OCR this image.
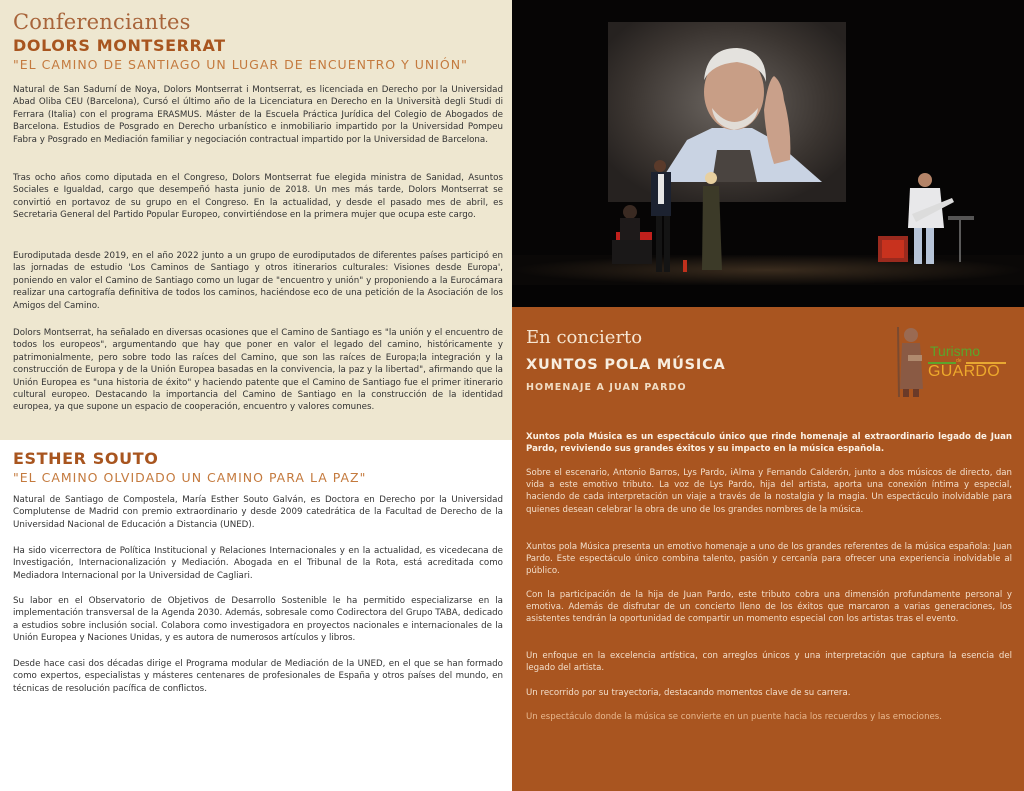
Conferenciantes
DOLORS MONTSERRAT
"EL CAMINO DE SANTIAGO UN LUGAR DE ENCUENTRO Y UNIÓN"
Natural de San Sadurní de Noya, Dolors Montserrat i Montserrat, es licenciada en Derecho por la Universidad Abad Oliba CEU (Barcelona), Cursó el último año de la Licenciatura en Derecho en la Università degli Studi di Ferrara (Italia) con el programa ERASMUS. Máster de la Escuela Práctica Jurídica del Colegio de Abogados de Barcelona. Estudios de Posgrado en Derecho urbanístico e inmobiliario impartido por la Universidad Pompeu Fabra y Posgrado en Mediación familiar y negociación contractual impartido por la Universidad de Barcelona.
Tras ocho años como diputada en el Congreso, Dolors Montserrat fue elegida ministra de Sanidad, Asuntos Sociales e Igualdad, cargo que desempeñó hasta junio de 2018. Un mes más tarde, Dolors Montserrat se convirtió en portavoz de su grupo en el Congreso. En la actualidad, y desde el pasado mes de abril, es Secretaria General del Partido Popular Europeo, convirtiéndose en la primera mujer que ocupa este cargo.
Eurodiputada desde 2019, en el año 2022 junto a un grupo de eurodiputados de diferentes países participó en las jornadas de estudio 'Los Caminos de Santiago y otros itinerarios culturales: Visiones desde Europa', poniendo en valor el Camino de Santiago como un lugar de "encuentro y unión" y proponiendo a la Eurocámara realizar una cartografía definitiva de todos los caminos, haciéndose eco de una petición de la Asociación de los Amigos del Camino.
Dolors Montserrat, ha señalado en diversas ocasiones que el Camino de Santiago es "la unión y el encuentro de todos los europeos", argumentando que hay que poner en valor el legado del camino, históricamente y patrimonialmente, pero sobre todo las raíces del Camino, que son las raíces de Europa;la integración y la construcción de Europa y de la Unión Europea basadas en la convivencia, la paz y la libertad", afirmando que la Unión Europea es "una historia de éxito" y haciendo patente que el Camino de Santiago fue el primer itinerario cultural europeo. Destacando la importancia del Camino de Santiago en la construcción de la identidad europea, ya que supone un espacio de cooperación, encuentro y valores comunes.
ESTHER SOUTO
"EL CAMINO OLVIDADO UN CAMINO PARA LA PAZ"
Natural de Santiago de Compostela, María Esther Souto Galván, es Doctora en Derecho por la Universidad Complutense de Madrid con premio extraordinario y desde 2009 catedrática de la Facultad de Derecho de la Universidad Nacional de Educación a Distancia (UNED).
Ha sido vicerrectora de Política Institucional y Relaciones Internacionales y en la actualidad, es vicedecana de Investigación, Internacionalización y Mediación. Abogada en el Tribunal de la Rota, está acreditada como Mediadora Internacional por la Universidad de Cagliari.
Su labor en el Observatorio de Objetivos de Desarrollo Sostenible le ha permitido especializarse en la implementación transversal de la Agenda 2030. Además, sobresale como Codirectora del Grupo TABA, dedicado a estudios sobre inclusión social. Colabora como investigadora en proyectos nacionales e internacionales de la Unión Europea y Naciones Unidas, y es autora de numerosos artículos y libros.
Desde hace casi dos décadas dirige el Programa modular de Mediación de la UNED, en el que se han formado como expertos, especialistas y másteres centenares de profesionales de España y otros países del mundo, en técnicas de resolución pacífica de conflictos.
En concierto
XUNTOS POLA MÚSICA
HOMENAJE A JUAN PARDO
Turismo
de
GUARDO
Xuntos pola Música es un espectáculo único que rinde homenaje al extraordinario legado de Juan Pardo, reviviendo sus grandes éxitos y su impacto en la música española.
Sobre el escenario, Antonio Barros, Lys Pardo, iAlma y Fernando Calderón, junto a dos músicos de directo, dan vida a este emotivo tributo. La voz de Lys Pardo, hija del artista, aporta una conexión íntima y especial, haciendo de cada interpretación un viaje a través de la nostalgia y la magia. Un espectáculo inolvidable para quienes desean celebrar la obra de uno de los grandes nombres de la música.
Xuntos pola Música presenta un emotivo homenaje a uno de los grandes referentes de la música española: Juan Pardo. Este espectáculo único combina talento, pasión y cercanía para ofrecer una experiencia inolvidable al público.
Con la participación de la hija de Juan Pardo, este tributo cobra una dimensión profundamente personal y emotiva. Además de disfrutar de un concierto lleno de los éxitos que marcaron a varias generaciones, los asistentes tendrán la oportunidad de compartir un momento especial con los artistas tras el evento.
Un enfoque en la excelencia artística, con arreglos únicos y una interpretación que captura la esencia del legado del artista.
Un recorrido por su trayectoria, destacando momentos clave de su carrera.
Un espectáculo donde la música se convierte en un puente hacia los recuerdos y las emociones.
